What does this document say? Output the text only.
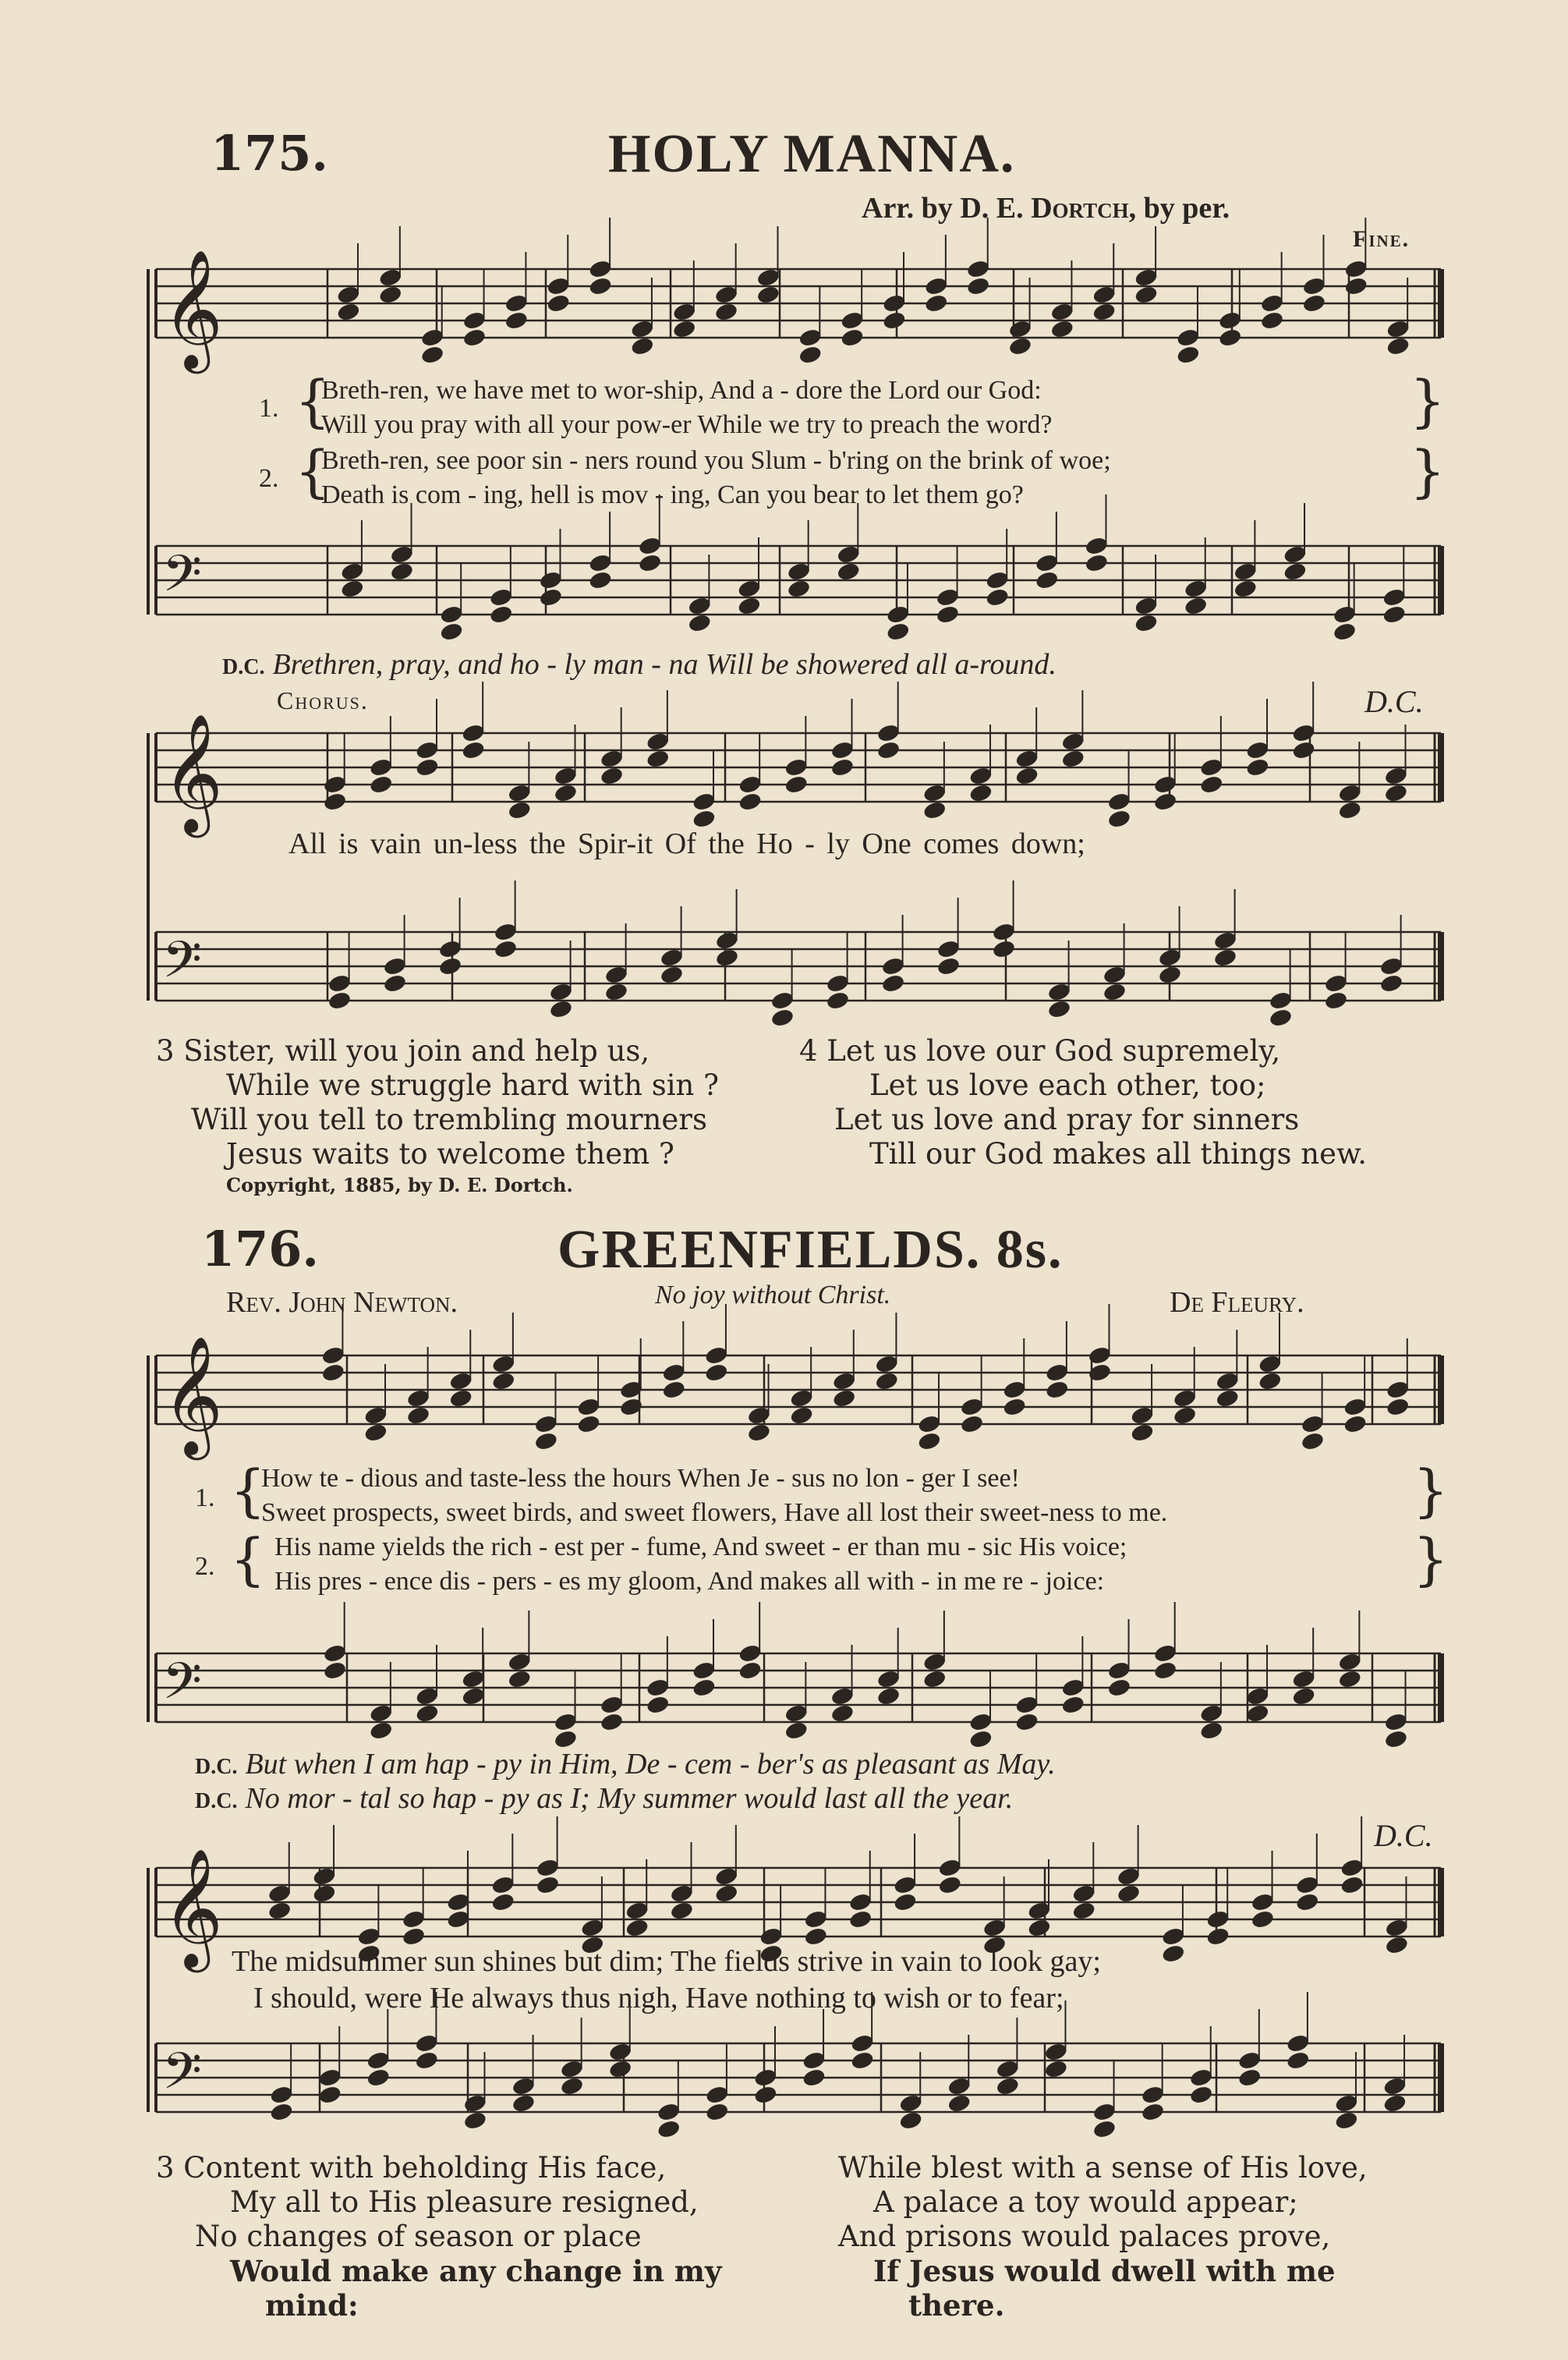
𝄞
𝄢
𝄞
𝄢
𝄞
𝄢
𝄞
𝄢
175.	HOLY MANNA.
Arr. by D. E. Dortch, by per.
Fine.
1. {
Breth-ren, we have met to wor-ship, And a - dore the Lord our God:
Will you pray with all your pow-er While we try to preach the word?	}
2. {
Breth-ren, see poor sin - ners round you Slum - b'ring on the brink of woe;
Death is com - ing, hell is mov - ing, Can you bear to let them go?	}
D.C. Brethren, pray, and ho - ly man - na Will be showered all a-round.
Chorus.	D.C.
All is vain un-less the Spir-it Of the Ho - ly One comes down;
3 Sister, will you join and help us,
While we struggle hard with sin ?
Will you tell to trembling mourners
Jesus waits to welcome them ?
4 Let us love our God supremely,
Let us love each other, too;
Let us love and pray for sinners
Till our God makes all things new.
Copyright, 1885, by D. E. Dortch.
176.	GREENFIELDS. 8s.
Rev. John Newton.	No joy without Christ.	De Fleury.
1. {
How te - dious and taste-less the hours When Je - sus no lon - ger I see!
Sweet prospects, sweet birds, and sweet flowers, Have all lost their sweet-ness to me.	}
2. { His name yields the rich - est per - fume, And sweet - er than mu - sic His voice;
His pres - ence dis - pers - es my gloom, And makes all with - in me re - joice:	}
D.C. But when I am hap - py in Him, De - cem - ber's as pleasant as May.
D.C. No mor - tal so hap - py as I; My summer would last all the year.
D.C.
The midsummer sun shines but dim; The fields strive in vain to look gay;
I should, were He always thus nigh, Have nothing to wish or to fear;
3 Content with beholding His face,
My all to His pleasure resigned,
No changes of season or place
Would make any change in my
mind:
While blest with a sense of His love,
A palace a toy would appear;
And prisons would palaces prove,
If Jesus would dwell with me
there.
